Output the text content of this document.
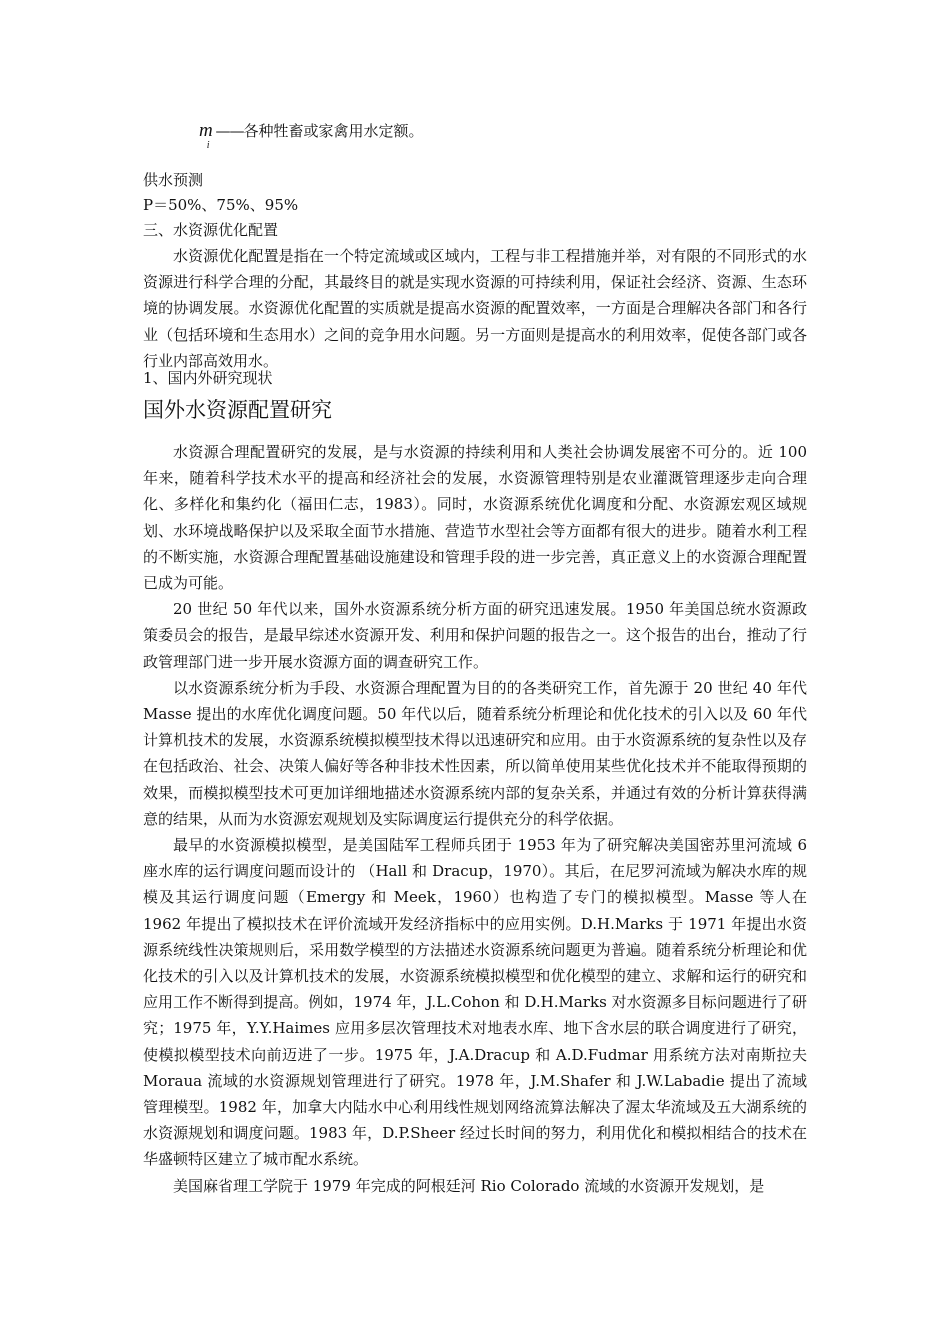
$m_i——$各种牲畜或家禽用水定额。
供水预测
P＝50%、75%、95%
三、水资源优化配置

水资源优化配置是指在一个特定流域或区域内，工程与非工程措施并举，对有限的不同形式的水资源进行科学合理的分配，其最终目的就是实现水资源的可持续利用，保证社会经济、资源、生态环境的协调发展。水资源优化配置的实质就是提高水资源的配置效率，一方面是合理解决各部门和各行业（包括环境和生态用水）之间的竞争用水问题。另一方面则是提高水的利用效率，促使各部门或各行业内部高效用水。

1、国内外研究现状
国外水资源配置研究

水资源合理配置研究的发展，是与水资源的持续利用和人类社会协调发展密不可分的。近 100 年来，随着科学技术水平的提高和经济社会的发展，水资源管理特别是农业灌溉管理逐步走向合理化、多样化和集约化（福田仁志，1983）。同时，水资源系统优化调度和分配、水资源宏观区域规划、水环境战略保护以及采取全面节水措施、营造节水型社会等方面都有很大的进步。随着水利工程的不断实施，水资源合理配置基础设施建设和管理手段的进一步完善，真正意义上的水资源合理配置已成为可能。

20 世纪 50 年代以来，国外水资源系统分析方面的研究迅速发展。1950 年美国总统水资源政策委员会的报告，是最早综述水资源开发、利用和保护问题的报告之一。这个报告的出台，推动了行政管理部门进一步开展水资源方面的调查研究工作。

以水资源系统分析为手段、水资源合理配置为目的的各类研究工作，首先源于 20 世纪 40 年代 Masse 提出的水库优化调度问题。50 年代以后，随着系统分析理论和优化技术的引入以及 60 年代计算机技术的发展，水资源系统模拟模型技术得以迅速研究和应用。由于水资源系统的复杂性以及存在包括政治、社会、决策人偏好等各种非技术性因素，所以简单使用某些优化技术并不能取得预期的效果，而模拟模型技术可更加详细地描述水资源系统内部的复杂关系，并通过有效的分析计算获得满意的结果，从而为水资源宏观规划及实际调度运行提供充分的科学依据。

最早的水资源模拟模型，是美国陆军工程师兵团于 1953 年为了研究解决美国密苏里河流域 6 座水库的运行调度问题而设计的 （Hall 和 Dracup，1970）。其后，在尼罗河流域为解决水库的规模及其运行调度问题（Emergy 和 Meek，1960）也构造了专门的模拟模型。Masse 等人在 1962 年提出了模拟技术在评价流域开发经济指标中的应用实例。D.H.Marks 于 1971 年提出水资源系统线性决策规则后，采用数学模型的方法描述水资源系统问题更为普遍。随着系统分析理论和优化技术的引入以及计算机技术的发展，水资源系统模拟模型和优化模型的建立、求解和运行的研究和应用工作不断得到提高。例如，1974 年，J.L.Cohon 和 D.H.Marks 对水资源多目标问题进行了研究；1975 年，Y.Y.Haimes 应用多层次管理技术对地表水库、地下含水层的联合调度进行了研究，使模拟模型技术向前迈进了一步。1975 年，J.A.Dracup 和 A.D.Fudmar 用系统方法对南斯拉夫 Moraua 流域的水资源规划管理进行了研究。1978 年，J.M.Shafer 和 J.W.Labadie 提出了流域管理模型。1982 年，加拿大内陆水中心利用线性规划网络流算法解决了渥太华流域及五大湖系统的水资源规划和调度问题。1983 年，D.P.Sheer 经过长时间的努力，利用优化和模拟相结合的技术在华盛顿特区建立了城市配水系统。

美国麻省理工学院于 1979 年完成的阿根廷河 Rio Colorado 流域的水资源开发规划，是
